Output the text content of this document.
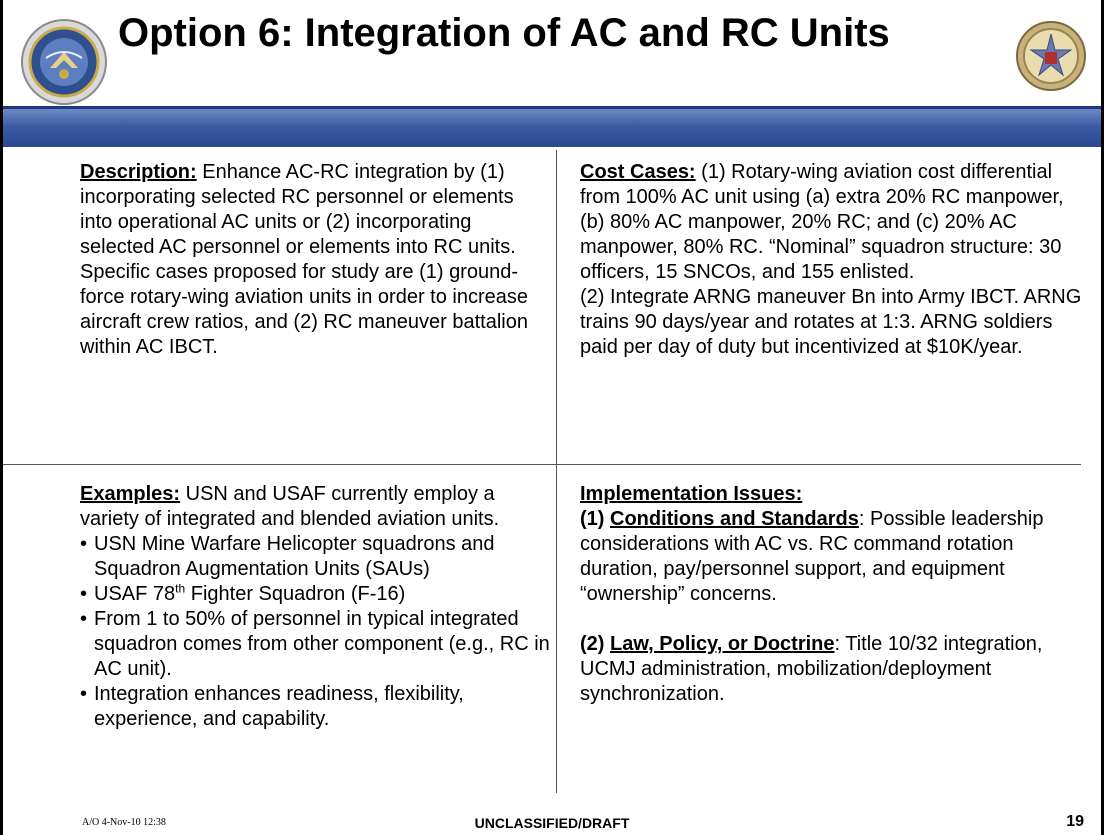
Option 6: Integration of AC and RC Units

Description: Enhance AC-RC integration by (1) incorporating selected RC personnel or elements into operational AC units or (2) incorporating selected AC personnel or elements into RC units. Specific cases proposed for study are (1) ground-force rotary-wing aviation units in order to increase aircraft crew ratios, and (2) RC maneuver battalion within AC IBCT.

Cost Cases: (1) Rotary-wing aviation cost differential from 100% AC unit using (a) extra 20% RC manpower, (b) 80% AC manpower, 20% RC; and (c) 20% AC manpower, 80% RC. “Nominal” squadron structure: 30 officers, 15 SNCOs, and 155 enlisted.

(2) Integrate ARNG maneuver Bn into Army IBCT. ARNG trains 90 days/year and rotates at 1:3. ARNG soldiers paid per day of duty but incentivized at $10K/year.

Examples: USN and USAF currently employ a variety of integrated and blended aviation units.

• USN Mine Warfare Helicopter squadrons and Squadron Augmentation Units (SAUs)

• USAF 78th Fighter Squadron (F-16)

• From 1 to 50% of personnel in typical integrated squadron comes from other component (e.g., RC in AC unit).

• Integration enhances readiness, flexibility, experience, and capability.

Implementation Issues:

(1) Conditions and Standards: Possible leadership considerations with AC vs. RC command rotation duration, pay/personnel support, and equipment “ownership” concerns.

(2) Law, Policy, or Doctrine: Title 10/32 integration, UCMJ administration, mobilization/deployment synchronization.

A/O 4-Nov-10 12:38	UNCLASSIFIED/DRAFT	19
